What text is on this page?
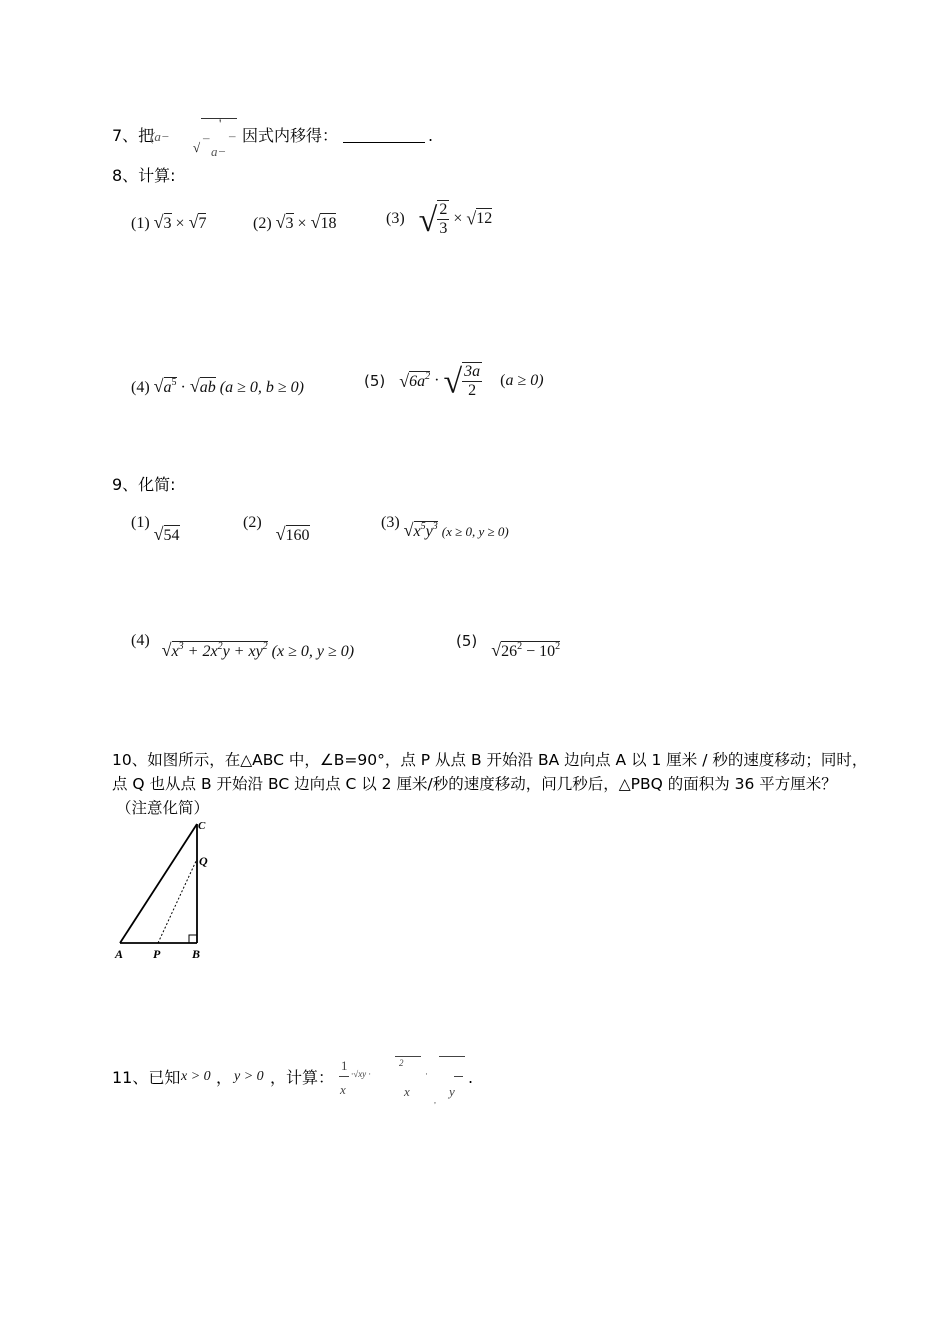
7、把
(a−
'
–
√ a−
– 因式内移得：	.
8、计算:
(1) √3 × √7	(2) √3 × √18	(3) √ $\frac{2}{3} \times √12$
(4) $√a^5 \cdot √ab$ (a ≥ 0, b ≥ 0)	(5) $√6a^2$ · √ $\frac{3a}{2} (a \ge 0)$
9、化简:
(1) √54
(2) √160
(3) $√x^5y^3$ (x ≥ 0, y ≥ 0)
(4) $√x^3 + 2x^2y + xy^2$ (x ≥ 0, y ≥ 0)
(5) $√26^2 - 10^2$
10、如图所示，在△ABC 中，∠B=90°，点 P 从点 B 开始沿 BA 边向点 A 以 1 厘米 / 秒的速度移动；同时，
点 Q 也从点 B 开始沿 BC 边向点 C 以 2 厘米/秒的速度移动，问几秒后，△PBQ 的面积为 36 平方厘米？
（注意化简）
A P	B
C
Q
11、已知 x > 0 ， y > 0 ，计算：
1
x
·√xy ·
2
x
·
,
y
.
